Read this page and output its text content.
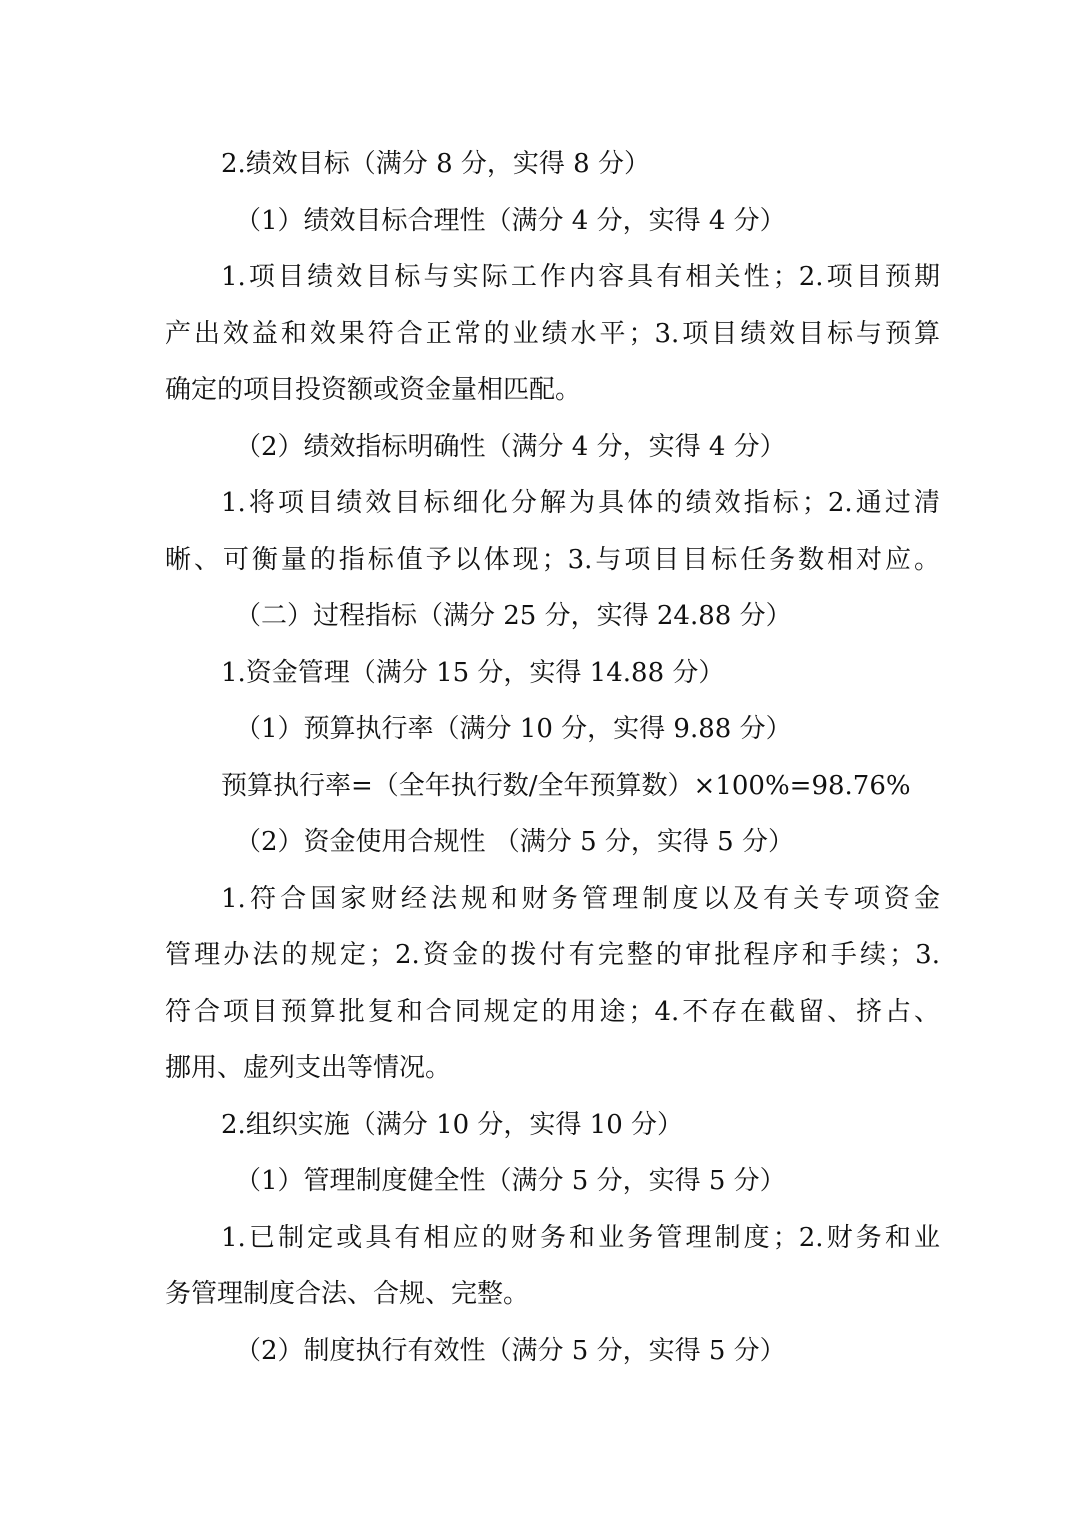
2.绩效目标（满分 8 分，实得 8 分）
（1）绩效目标合理性（满分 4 分，实得 4 分）
1.项目绩效目标与实际工作内容具有相关性；2.项目预期
产出效益和效果符合正常的业绩水平；3.项目绩效目标与预算
确定的项目投资额或资金量相匹配。
（2）绩效指标明确性（满分 4 分，实得 4 分）
1.将项目绩效目标细化分解为具体的绩效指标；2.通过清
晰、可衡量的指标值予以体现；3.与项目目标任务数相对应。
（二）过程指标（满分 25 分，实得 24.88 分）
1.资金管理（满分 15 分，实得 14.88 分）
（1）预算执行率（满分 10 分，实得 9.88 分）
预算执行率=（全年执行数/全年预算数）×100%=98.76%
（2）资金使用合规性 （满分 5 分，实得 5 分）
1.符合国家财经法规和财务管理制度以及有关专项资金
管理办法的规定；2.资金的拨付有完整的审批程序和手续；3.
符合项目预算批复和合同规定的用途；4.不存在截留、挤占、
挪用、虚列支出等情况。
2.组织实施（满分 10 分，实得 10 分）
（1）管理制度健全性（满分 5 分，实得 5 分）
1.已制定或具有相应的财务和业务管理制度；2.财务和业
务管理制度合法、合规、完整。
（2）制度执行有效性（满分 5 分，实得 5 分）
